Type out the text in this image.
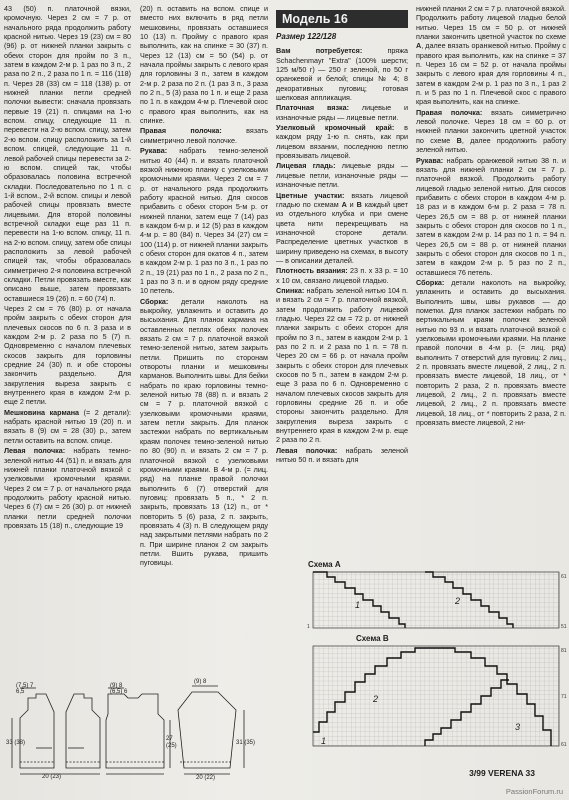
43 (50) п. платочной вязки, кромочную. Через 2 см = 7 р. от начального ряда продолжить работу красной нитью. Через 19 (23) см = 80 (96) р. от нижней планки закрыть с обеих сторон для пройм по 3 п., затем в каждом 2-м р. 1 раз по 3 п., 2 раза по 2 п., 2 раза по 1 п. = 116 (118) п. Через 28 (33) см = 118 (138) р. от нижней планки петли средней полочки вывести: сначала провязать первые 19 (21) п. спицами на 1-ю вспом. спицу, следующие 11 п. перевести на 2-ю вспом. спицу, затем 2-ю вспом. спицу расположить за 1-й вспом. спицей, следующие 11 п. левой рабочей спицы перевести за 2-ю вспом. спицей так, чтобы образовалась половина встречной складки. Последовательно по 1 п. с 1-й вспом., 2-й вспом. спицы и левой рабочей спицы провязать вместе лицевыми. Для второй половины встречной складки еще раз 11 п. перевести на 1-ю вспом. спицу, 11 п. на 2-ю вспом. спицу, затем обе спицы расположить за левой рабочей спицей так, чтобы образовалась симметрично 2-я половина встречной складки. Петли провязать вместе, как описано выше, затем провязать оставшиеся 19 (26) п. = 60 (74) п.

Через 2 см = 76 (80) р. от начала пройм закрыть с обеих сторон для плечевых скосов по 6 п. 3 раза и в каждом 2-м р. 2 раза по 5 (7) п. Одновременно с началом плечевых скосов закрыть для горловины средние 24 (30) п. и обе стороны закончить раздельно. Для закругления выреза закрыть с внутреннего края в каждом 2-м р. еще 2 петли.

Мешковина кармана (= 2 детали): набрать красной нитью 19 (20) п. и вязать 8 (9) см = 28 (30) р., затем петли оставить на вспом. спице.

Левая полочка: набрать темно-зеленой нитью 44 (51) п. и вязать для нижней планки платочной вязкой с узелковыми кромочными краями. Через 2 см = 7 р. от начального ряда продолжить работу красной нитью. Через 6 (7) см = 26 (30) р. от нижней планки петли средней полочки провязать 15 (18) п., следующие 19

(20) п. оставить на вспом. спице и вместо них включить в ряд петли мешковины, провязать оставшиеся 10 (13) п. Пройму с правого края выполнить, как на спинке = 30 (37) п. Через 12 (13) см = 50 (54) р. от начала проймы закрыть с левого края для горловины 3 п., затем в каждом 2-м р. 2 раза по 2 п. (1 раз 3 п., 3 раза по 2 п., 5 (3) раза по 1 п. и еще 2 раза по 1 п. в каждом 4-м р. Плечевой скос с правого края выполнить, как на спинке.

Правая полочка: вязать симметрично левой полочке.

Рукава: набрать темно-зеленой нитью 40 (44) п. и вязать платочной вязкой нижнюю планку с узелковыми кромочными краями. Через 2 см = 7 р. от начального ряда продолжить работу красной нитью. Для скосов прибавить с обеих сторон 5-м р. от нижней планки, затем еще 7 (14) раз в каждом 6-м р. и 12 (5) раз в каждом 4-м р. = 80 (84) п. Через 34 (27) см = 100 (114) р. от нижней планки закрыть с обеих сторон для окатов 4 п., затем в каждом 2-м р. 1 раз по 3 п., 1 раз по 2 п., 19 (21) раз по 1 п., 2 раза по 2 п., 1 раз по 3 п. и в одном ряду средние 10 петель.

Сборка: детали наколоть на выкройку, увлажнить и оставить до высыхания. Для планок кармана на оставленных петлях обеих полочек вязать 2 см = 7 р. платочной вязкой темно-зеленой нитью, затем закрыть петли. Пришить по сторонам отвороты планки и мешковины карманов. Выполнить швы. Для бейки набрать по краю горловины темно-зеленой нитью 78 (88) п. и вязать 2 см = 7 р. платочной вязкой с узелковыми кромочными краями, затем петли закрыть. Для планок застежки набрать по вертикальным краям полочек темно-зеленой нитью по 80 (90) п. и вязать 2 см = 7 р. платочной вязкой с узелковыми кромочными краями. В 4-м р. (= лиц. ряд) на планке правой полочки выполнить 6 (7) отверстий для пуговиц: провязать 5 п., * 2 п. закрыть, провязать 13 (12) п., от * повторить 5 (6) раза, 2 п. закрыть, провязать 4 (3) п. В следующем ряду над закрытыми петлями набрать по 2 п. При ширине планок 2 см закрыть петли. Вшить рукава, пришить пуговицы.

Модель 16
Размер 122/128

Вам потребуется: пряжа Schachenmayr "Extra" (100% шерсти; 125 м/50 г) — 250 г зеленой, по 50 г оранжевой и белой; спицы № 4; 8 декоративных пуговиц; готовая шелковая аппликация.

Платочная вязка: лицевые и изнаночные ряды — лицевые петли.

Узелковый кромочный край: в каждом ряду 1-ю п. снять, как при лицевом вязании, последнюю петлю провязывать лицевой.

Лицевая гладь: лицевые ряды — лицевые петли, изнаночные ряды — изнаночные петли.

Цветные участки: вязать лицевой гладью по схемам А и В каждый цвет из отдельного клубка и при смене цвета нити перекрещивать на изнаночной стороне детали. Распределение цветных участков в ширину приведено на схемах, в высоту — в описании деталей.

Плотность вязания: 23 п. х 33 р. = 10 х 10 см, связано лицевой гладью.

Спинка: набрать зеленой нитью 104 п. и вязать 2 см = 7 р. платочной вязкой, затем продолжить работу лицевой гладью. Через 22 см = 72 р. от нижней планки закрыть с обеих сторон для пройм по 3 п., затем в каждом 2-м р. 1 раз по 2 п. и 2 раза по 1 п. = 78 п. Через 20 см = 66 р. от начала пройм закрыть с обеих сторон для плечевых скосов по 5 п., затем в каждом 2-м р. еще 3 раза по 6 п. Одновременно с началом плечевых скосов закрыть для горловины средние 26 п. и обе стороны закончить раздельно. Для закругления выреза закрыть с внутреннего края в каждом 2-м р. еще 2 раза по 2 п.

Левая полочка: набрать зеленой нитью 50 п. и вязать для

нижней планки 2 см = 7 р. платочной вязкой. Продолжить работу лицевой гладью белой нитью. Через 15 см = 50 р. от нижней планки закончить цветной участок по схеме А, далее вязать оранжевой нитью. Пройму с правого края выполнить, как на спинке = 37 п. Через 16 см = 52 р. от начала проймы закрыть с левого края для горловины 4 п., затем в каждом 2-м р. 1 раз по 3 п., 1 раз 2 п. и 5 раз по 1 п. Плечевой скос с правого края выполнить, как на спинке.

Правая полочка: вязать симметрично левой полочке. Через 18 см = 60 р. от нижней планки закончить цветной участок по схеме В, далее продолжить работу зеленой нитью.

Рукава: набрать оранжевой нитью 38 п. и вязать для нижней планки 2 см = 7 р. платочной вязкой. Продолжить работу лицевой гладью зеленой нитью. Для скосов прибавить с обеих сторон в каждом 4-м р. 18 раз и в каждом 6-м р. 2 раза = 78 п. Через 26,5 см = 88 р. от нижней планки закрыть с обеих сторон для скосов по 1 п., затем в каждом 2-м р. 14 раз по 1 п. = 94 п. Через 26,5 см = 88 р. от нижней планки закрыть с обеих сторон для скосов по 1 п., затем в каждом 2-м р. 5 раз по 2 п., оставшиеся 76 петель.

Сборка: детали наколоть на выкройку, увлажнить и оставить до высыхания. Выполнить швы, швы рукавов — до пометки. Для планок застежки набрать по вертикальным краям полочек зеленой нитью по 93 п. и вязать платочной вязкой с узелковыми кромочными краями. На планке правой полочки в 4-м р. (= лиц. ряд) выполнить 7 отверстий для пуговиц: 2 лиц., 2 п. провязать вместе лицевой, 2 лиц., 2 п. провязать вместе лицевой, 18 лиц., от * повторить 2 раза, 2 п. провязать вместе лицевой, 2 лиц., 2 п. провязать вместе лицевой, 2 лиц., 2 п. провязать вместе лицевой, 18 лиц., от * повторить 2 раза, 2 п. провязать вместе лицевой, 2 ни-

20 (23)	20 (22)
(7,5) 7
6,5
33 (38)
(9) 8
(6,5) 6
(9) 8
31 (35)
27
(25)
Схема А
1	2
61
51
1
Схема В
1
2
3
81
71
61
3/99 VERENA 33
PassionForum.ru
